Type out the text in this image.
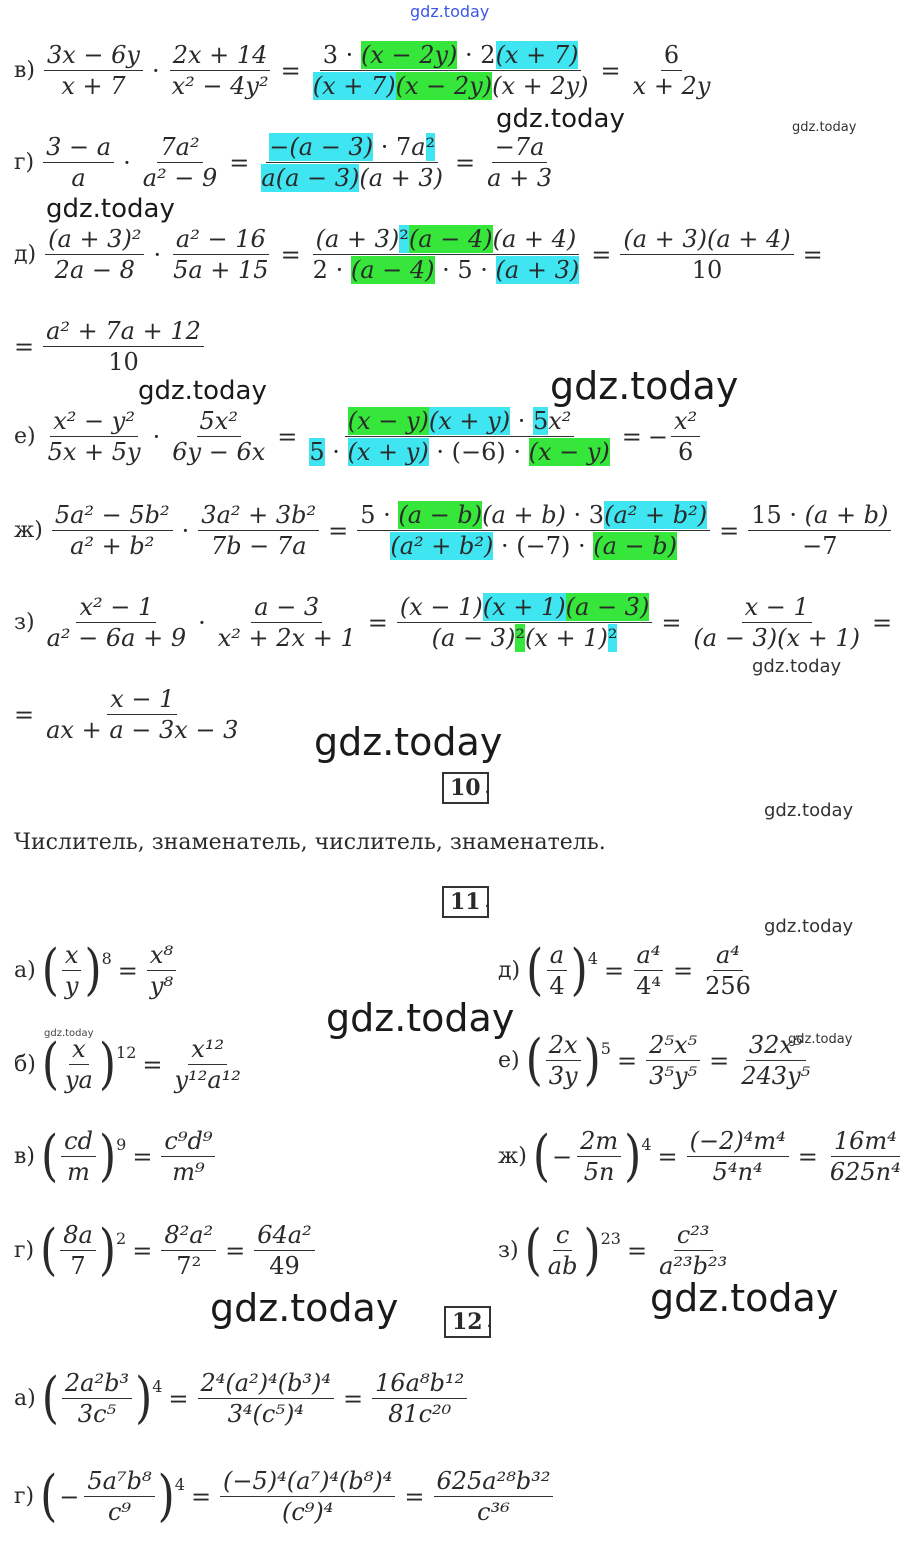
gdz.today
gdz.today	gdz.today
gdz.today
gdz.today	gdz.today
gdz.today
gdz.today
gdz.today
gdz.today
gdz.today
gdz.today	gdz.today
gdz.today	gdz.today
$в) \frac{3x - 6y}{x + 7} \cdot \frac{2x + 14}{\text{x² − 4y²}} = \frac{3 \cdot (x - 2y) \cdot 2(x + 7)}{(x + 7)(x - 2y)(x + 2y)} = \frac{6}{x + 2y}$
$г) \frac{3 - a}{a} \cdot \frac{\text{7a²}}{\text{a² − 9}} = \frac{\text{−(a − 3) · 7a²}}{a(a - 3)(a + 3)} = \frac{-7a}{a + 3}$
$д) \frac{\text{(a + 3)²}}{2a - 8} \cdot \frac{\text{a² − 16}}{5a + 15} = \frac{\text{(a + 3)²(a − 4)(a + 4)}}{2 \cdot (a - 4) \cdot 5 \cdot (a + 3)} = \frac{(a + 3)(a + 4)}{10}$ =
= $\frac{\text{a² + 7a + 12}}{10}$
$е) \frac{\text{x² − y²}}{5x + 5y} \cdot \frac{\text{5x²}}{6y - 6x} = \frac{\text{(x − y)(x + y) · 5x²}}{5 \cdot (x + y) \cdot (-6) \cdot (x - y)}$ = − $\frac{\text{x²}}{6}$
$ж) \frac{\text{5a² − 5b²}}{\text{a² + b²}} \cdot \frac{\text{3a² + 3b²}}{7b - 7a} = \frac{\text{5 · (a − b)(a + b) · 3(a² + b²)}}{\text{(a² + b²) · (−7) · (a − b)}} = \frac{15 \cdot (a + b)}{-7}$
$з) \frac{\text{x² − 1}}{\text{a² − 6a + 9}} \cdot \frac{a - 3}{\text{x² + 2x + 1}} = \frac{(x - 1)(x + 1)(a - 3)}{\text{(a − 3)²(x + 1)²}} = \frac{x - 1}{(a - 3)(x + 1)}$ =
= $\frac{x - 1}{ax + a - 3x - 3}$
10 .
Числитель, знаменатель, числитель, знаменатель.
11 .
а) ( $\frac{x}{y}$ ) $8 = \frac{\text{x⁸}}{\text{y⁸}}$	д) ( $\frac{a}{4}$ ) $4 = \frac{\text{a⁴}}{\text{4⁴}} = \frac{\text{a⁴}}{256}$
б) ( $\frac{x}{ya}$ ) $12 = \frac{\text{x¹²}}{\text{y¹²a¹²}}$	е) ( $\frac{2x}{3y}$ ) $5 = \frac{\text{2⁵x⁵}}{\text{3⁵y⁵}} = \frac{\text{32x⁵}}{\text{243y⁵}}$
в) ( $\frac{cd}{m}$ ) $9 = \frac{\text{c⁹d⁹}}{\text{m⁹}}$	ж) ( − $\frac{2m}{5n}$ ) $4 = \frac{\text{(−2)⁴m⁴}}{\text{5⁴n⁴}} = \frac{\text{16m⁴}}{\text{625n⁴}}$
г) ( $\frac{8a}{7}$ ) $2 = \frac{\text{8²a²}}{\text{7²}} = \frac{\text{64a²}}{49}$	з) ( $\frac{c}{ab}$ ) $23 = \frac{\text{c²³}}{\text{a²³b²³}}$
12 .
а) ( $\frac{\text{2a²b³}}{\text{3c⁵}}$ ) $4 = \frac{\text{2⁴(a²)⁴(b³)⁴}}{\text{3⁴(c⁵)⁴}} = \frac{\text{16a⁸b¹²}}{\text{81c²⁰}}$
г) ( − $\frac{\text{5a⁷b⁸}}{\text{c⁹}}$ ) $4 = \frac{\text{(−5)⁴(a⁷)⁴(b⁸)⁴}}{\text{(c⁹)⁴}} = \frac{\text{625a²⁸b³²}}{\text{c³⁶}}$
